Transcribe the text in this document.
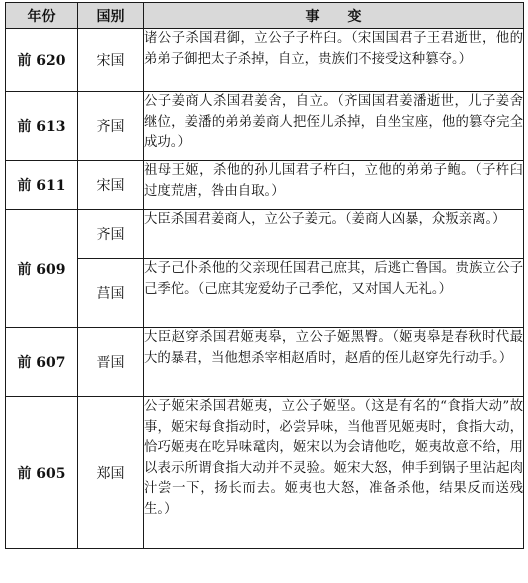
年份	国别	事变
前 620	宋国	诸公子杀国君御，立公子子杵臼。（宋国国君子王君逝世，他的弟弟子御把太子杀掉，自立，贵族们不接受这种篡夺。）
前 613	齐国	公子姜商人杀国君姜舍，自立。（齐国国君姜潘逝世，儿子姜舍继位，姜潘的弟弟姜商人把侄儿杀掉，自坐宝座，他的篡夺完全成功。）
前 611	宋国	祖母王姬，杀他的孙儿国君子杵臼，立他的弟弟子鲍。（子杵臼过度荒唐，咎由自取。）
前 609	齐国	大臣杀国君姜商人，立公子姜元。（姜商人凶暴，众叛亲离。）
	莒国	太子己仆杀他的父亲现任国君己庶其，后逃亡鲁国。贵族立公子己季佗。（己庶其宠爱幼子己季佗，又对国人无礼。）
前 607	晋国	大臣赵穿杀国君姬夷皋，立公子姬黑臀。（姬夷皋是春秋时代最大的暴君，当他想杀宰相赵盾时，赵盾的侄儿赵穿先行动手。）
前 605	郑国	公子姬宋杀国君姬夷，立公子姬坚。（这是有名的“食指大动”故事，姬宋每食指动时，必尝异味，当他晋见姬夷时，食指大动，恰巧姬夷在吃异味鼋肉，姬宋以为会请他吃，姬夷故意不给，用以表示所谓食指大动并不灵验。姬宋大怒，伸手到锅子里沾起肉汁尝一下，扬长而去。姬夷也大怒，准备杀他，结果反而送残生。）
